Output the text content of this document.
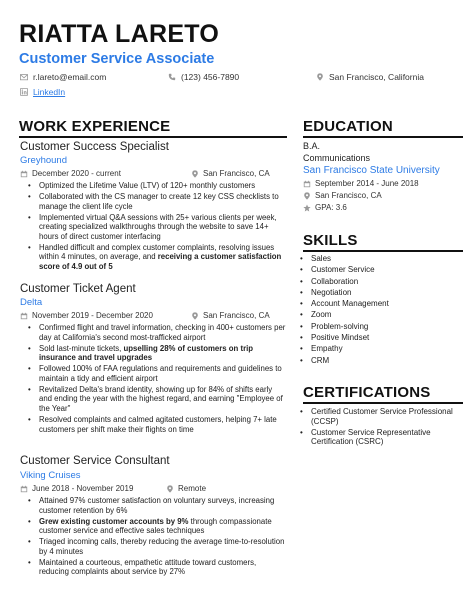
RIATTA LARETO
Customer Service Associate
r.lareto@email.com	(123) 456-7890	San Francisco, California
LinkedIn
WORK EXPERIENCE
Customer Success Specialist
Greyhound
December 2020 - current	San Francisco, CA
• Optimized the Lifetime Value (LTV) of 120+ monthly customers
• Collaborated with the CS manager to create 12 key CSS checklists to manage the client life cycle
• Implemented virtual Q&A sessions with 25+ various clients per week, creating specialized walkthroughs through the website to save 14+ hours of direct customer interfacing
• Handled difficult and complex customer complaints, resolving issues within 4 minutes, on average, and receiving a customer satisfaction score of 4.9 out of 5
Customer Ticket Agent
Delta
November 2019 - December 2020	San Francisco, CA
• Confirmed flight and travel information, checking in 400+ customers per day at California's second most-trafficked airport
• Sold last-minute tickets, upselling 28% of customers on trip insurance and travel upgrades
• Followed 100% of FAA regulations and requirements and guidelines to maintain a tidy and efficient airport
• Revitalized Delta's brand identity, showing up for 84% of shifts early and ending the year with the highest regard, and earning "Employee of the Year"
• Resolved complaints and calmed agitated customers, helping 7+ late customers per shift make their flights on time
Customer Service Consultant
Viking Cruises
June 2018 - November 2019	Remote
• Attained 97% customer satisfaction on voluntary surveys, increasing customer retention by 6%
• Grew existing customer accounts by 9% through compassionate customer service and effective sales techniques
• Triaged incoming calls, thereby reducing the average time-to-resolution by 4 minutes
• Maintained a courteous, empathetic attitude toward customers, reducing complaints about service by 27%
EDUCATION
B.A.
Communications
San Francisco State University
September 2014 - June 2018
San Francisco, CA
GPA: 3.6
SKILLS
• Sales
• Customer Service
• Collaboration
• Negotiation
• Account Management
• Zoom
• Problem-solving
• Positive Mindset
• Empathy
• CRM
CERTIFICATIONS
• Certified Customer Service Professional (CCSP)
• Customer Service Representative Certification (CSRC)
